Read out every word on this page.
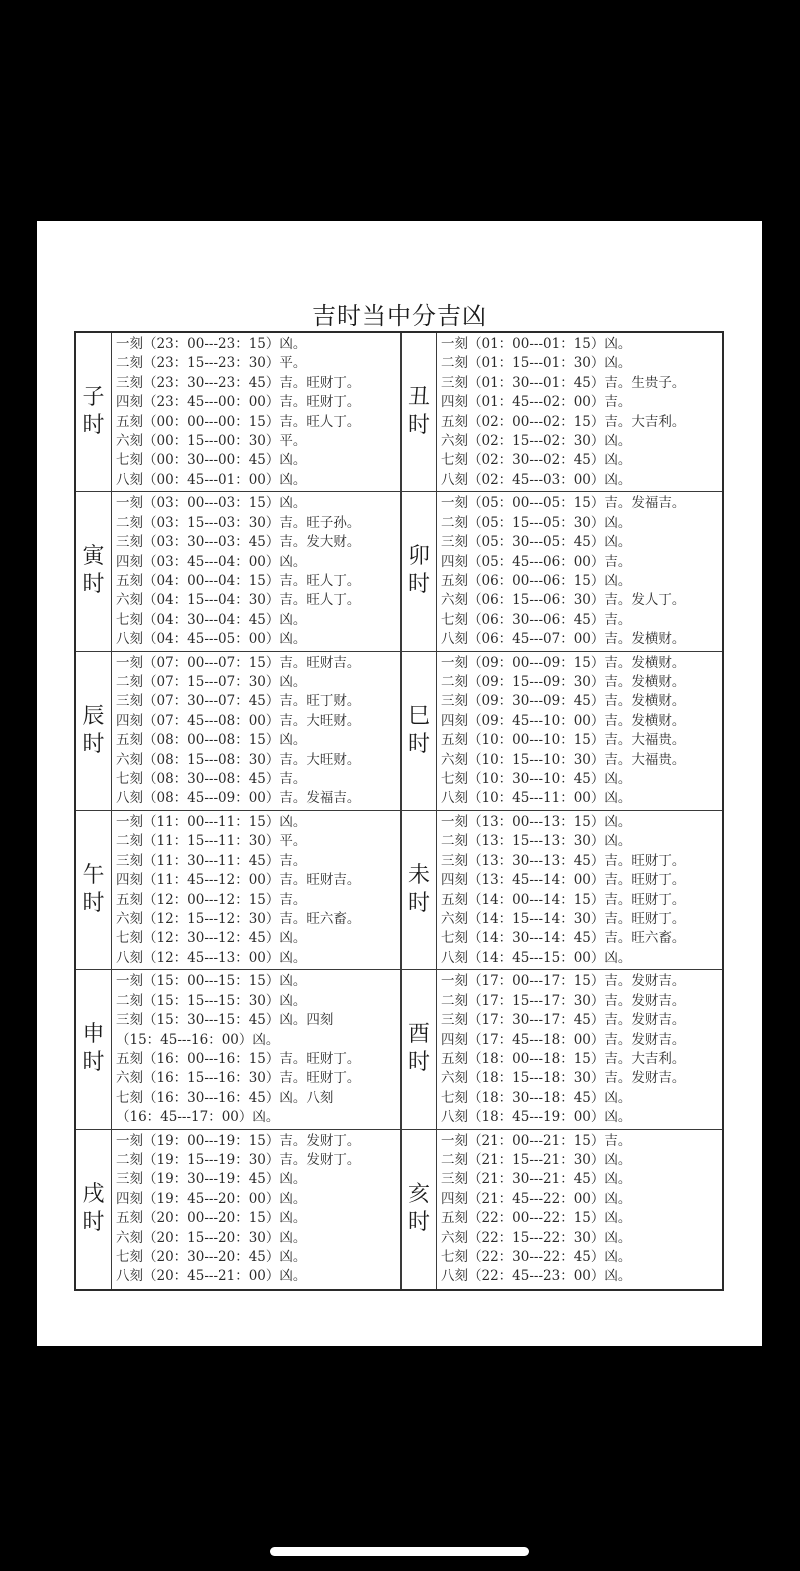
吉时当中分吉凶
子
时
一刻（23：00---23：15）凶。
二刻（23：15---23：30）平。
三刻（23：30---23：45）吉。旺财丁。
四刻（23：45---00：00）吉。旺财丁。
五刻（00：00---00：15）吉。旺人丁。
六刻（00：15---00：30）平。
七刻（00：30---00：45）凶。
八刻（00：45---01：00）凶。
丑
时
一刻（01：00---01：15）凶。
二刻（01：15---01：30）凶。
三刻（01：30---01：45）吉。生贵子。
四刻（01：45---02：00）吉。
五刻（02：00---02：15）吉。大吉利。
六刻（02：15---02：30）凶。
七刻（02：30---02：45）凶。
八刻（02：45---03：00）凶。
寅
时
一刻（03：00---03：15）凶。
二刻（03：15---03：30）吉。旺子孙。
三刻（03：30---03：45）吉。发大财。
四刻（03：45---04：00）凶。
五刻（04：00---04：15）吉。旺人丁。
六刻（04：15---04：30）吉。旺人丁。
七刻（04：30---04：45）凶。
八刻（04：45---05：00）凶。
卯
时
一刻（05：00---05：15）吉。发福吉。
二刻（05：15---05：30）凶。
三刻（05：30---05：45）凶。
四刻（05：45---06：00）吉。
五刻（06：00---06：15）凶。
六刻（06：15---06：30）吉。发人丁。
七刻（06：30---06：45）吉。
八刻（06：45---07：00）吉。发横财。
辰
时
一刻（07：00---07：15）吉。旺财吉。
二刻（07：15---07：30）凶。
三刻（07：30---07：45）吉。旺丁财。
四刻（07：45---08：00）吉。大旺财。
五刻（08：00---08：15）凶。
六刻（08：15---08：30）吉。大旺财。
七刻（08：30---08：45）吉。
八刻（08：45---09：00）吉。发福吉。
巳
时
一刻（09：00---09：15）吉。发横财。
二刻（09：15---09：30）吉。发横财。
三刻（09：30---09：45）吉。发横财。
四刻（09：45---10：00）吉。发横财。
五刻（10：00---10：15）吉。大福贵。
六刻（10：15---10：30）吉。大福贵。
七刻（10：30---10：45）凶。
八刻（10：45---11：00）凶。
午
时
一刻（11：00---11：15）凶。
二刻（11：15---11：30）平。
三刻（11：30---11：45）吉。
四刻（11：45---12：00）吉。旺财吉。
五刻（12：00---12：15）吉。
六刻（12：15---12：30）吉。旺六畜。
七刻（12：30---12：45）凶。
八刻（12：45---13：00）凶。
未
时
一刻（13：00---13：15）凶。
二刻（13：15---13：30）凶。
三刻（13：30---13：45）吉。旺财丁。
四刻（13：45---14：00）吉。旺财丁。
五刻（14：00---14：15）吉。旺财丁。
六刻（14：15---14：30）吉。旺财丁。
七刻（14：30---14：45）吉。旺六畜。
八刻（14：45---15：00）凶。
申
时
一刻（15：00---15：15）凶。
二刻（15：15---15：30）凶。
三刻（15：30---15：45）凶。四刻
（15：45---16：00）凶。
五刻（16：00---16：15）吉。旺财丁。
六刻（16：15---16：30）吉。旺财丁。
七刻（16：30---16：45）凶。八刻
（16：45---17：00）凶。
酉
时
一刻（17：00---17：15）吉。发财吉。
二刻（17：15---17：30）吉。发财吉。
三刻（17：30---17：45）吉。发财吉。
四刻（17：45---18：00）吉。发财吉。
五刻（18：00---18：15）吉。大吉利。
六刻（18：15---18：30）吉。发财吉。
七刻（18：30---18：45）凶。
八刻（18：45---19：00）凶。
戌
时
一刻（19：00---19：15）吉。发财丁。
二刻（19：15---19：30）吉。发财丁。
三刻（19：30---19：45）凶。
四刻（19：45---20：00）凶。
五刻（20：00---20：15）凶。
六刻（20：15---20：30）凶。
七刻（20：30---20：45）凶。
八刻（20：45---21：00）凶。
亥
时
一刻（21：00---21：15）吉。
二刻（21：15---21：30）凶。
三刻（21：30---21：45）凶。
四刻（21：45---22：00）凶。
五刻（22：00---22：15）凶。
六刻（22：15---22：30）凶。
七刻（22：30---22：45）凶。
八刻（22：45---23：00）凶。
